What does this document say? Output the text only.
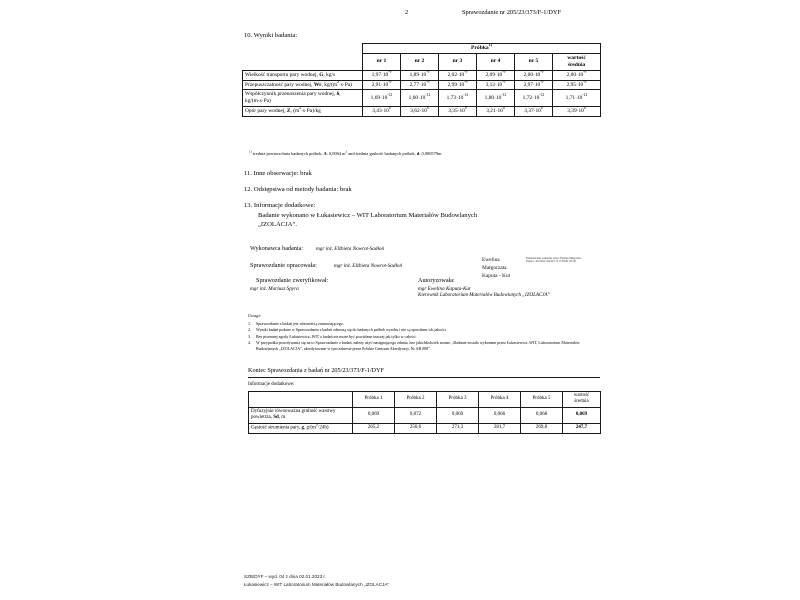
2	Sprawozdanie nr 205/23/373/F-1/DYF
10. Wyniki badania:
	Próbka$^{1)}$
	nr 1	nr 2	nr 3	nr 4	nr 5	wartość
średnia
Wielkość transportu pary wodnej, G, kg/s	$1,97\cdot 10^{-9}$	$1,89\cdot 10^{-9}$	$2,02\cdot 10^{-9}$	$2,09\cdot 10^{-9}$	$2,00\cdot 10^{-9}$	$2,00\cdot 10^{-9}$
Przepuszczalność pary wodnej, Wr, $kg/(m^2\cdot s\cdot Pa)$	$2,91\cdot 10^{-9}$	$2,77\cdot 10^{-9}$	$2,99\cdot 10^{-9}$	$3,12\cdot 10^{-9}$	$2,97\cdot 10^{-9}$	$2,95\cdot 10^{-9}$
Współczynnik przenoszenia pary wodnej, δ, kg/(m·s·Pa)	$1,69\cdot 10^{-12}$	$1,60\cdot 10^{-12}$	$1,73\cdot 10^{-12}$	$1,80\cdot 10^{-12}$	$1,72\cdot 10^{-12}$	$1,71\cdot 10^{-12}$
Opór pary wodnej, Z, $(m^2\cdot s\cdot Pa)/kg$	$3,43\cdot 10^8$	$3,62\cdot 10^8$	$3,35\cdot 10^8$	$3,21\cdot 10^8$	$3,37\cdot 10^8$	$3,39\cdot 10^8$
$^{1)}$ średnia powierzchnia badanych próbek, A: 0,0064 $m^2$ and średnia grubość badanych próbek, d: 0,000579m
11. Inne obserwacje: brak
12. Odstępstwa od metody badania: brak
13. Informacje dodatkowe:
Badanie wykonano w Łukasiewicz – WIT Laboratorium Materiałów Budowlanych
„IZOLACJA”.
Wykonawca badania: mgr inż. Elżbieta Nowrot-Sadłoń
Sprawozdanie opracowała:	mgr inż. Elżbieta Nowrot-Sadłoń
Sprawozdanie zweryfikował:
mgr inż. Mariusz Spyra
Autoryzowała:
mgr Ewelina Kaputa-Kut
Kierownik Laboratorium Materiałów Budowlanych „IZOLACJA”
Ewelina
Małgorzata
Kaputa - Kut
Elektronicznie podpisany przez: Ewelina Małgorzata Kaputa - Kut Data: 2024.01.15 11:08:46 +01'00'
Uwagi:
1.	Sprawozdanie z badań jest własnością zamawiającego.
2.	Wyniki badań podane w Sprawozdaniu z badań odnoszą się do badanych próbek wyrobu i nie są sposobem ich jakości.
3.	Bez pisemnej zgody Łukasiewicz–WIT z badań nie może być powielane inaczej jak tylko w całości.
4.	W przypadku powoływania się na to Sprawozdanie z badań, należy użyć następującego zdania, bez jakichkolwiek zmian: „Badanie zostało wykonane przez Łukasiewicz–WIT, Laboratorium Materiałów Budowlanych „IZOLACJA”, akredytowane w tym zakresie przez Polskie Centrum Akredytacji, Nr AB 008”.
Koniec Sprawozdania z badań nr 205/23/373/F-1/DYF
Informacje dodatkowe:
	Próbka 1	Próbka 2	Próbka 3	Próbka 4	Próbka 5	wartość
średnia
Dyfuzyjnie równoważna grubość warstwy powietrza, Sd, m	0,069	0,072	0,069	0,066	0,068	0,069
Gęstość strumienia pary, g, $g/(m^2\cdot 24h)$	265,2	250,6	271,3	281,7	269,8	247,7
SZB/DYF – wyd. 04 z dnia 02.01.2023 r.
Łukasiewicz – WIT Laboratorium Materiałów Budowlanych „IZOLACJA”
